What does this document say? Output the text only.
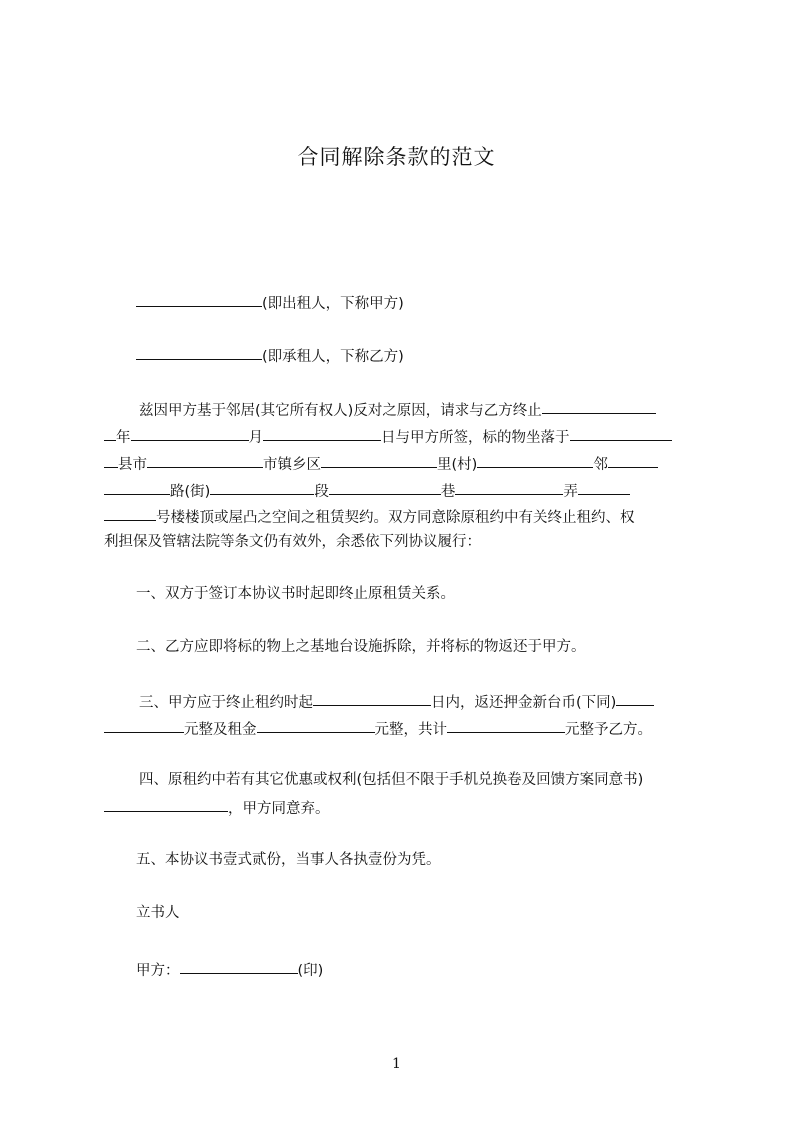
合同解除条款的范文
(即出租人，下称甲方)
(即承租人，下称乙方)
兹因甲方基于邻居(其它所有权人)反对之原因，请求与乙方终止
年	月	日与甲方所签，标的物坐落于
县市	市镇乡区	里(村)	邻
路(街)	段	巷	弄
号楼楼顶或屋凸之空间之租赁契约。双方同意除原租约中有关终止租约、权
利担保及管辖法院等条文仍有效外，余悉依下列协议履行：
一、双方于签订本协议书时起即终止原租赁关系。
二、乙方应即将标的物上之基地台设施拆除，并将标的物返还于甲方。
三、甲方应于终止租约时起	日内，返还押金新台币(下同)
元整及租金	元整，共计	元整予乙方。
四、原租约中若有其它优惠或权利(包括但不限于手机兑换卷及回馈方案同意书)
，甲方同意弃。
五、本协议书壹式贰份，当事人各执壹份为凭。
立书人
甲方：	(印)
1
